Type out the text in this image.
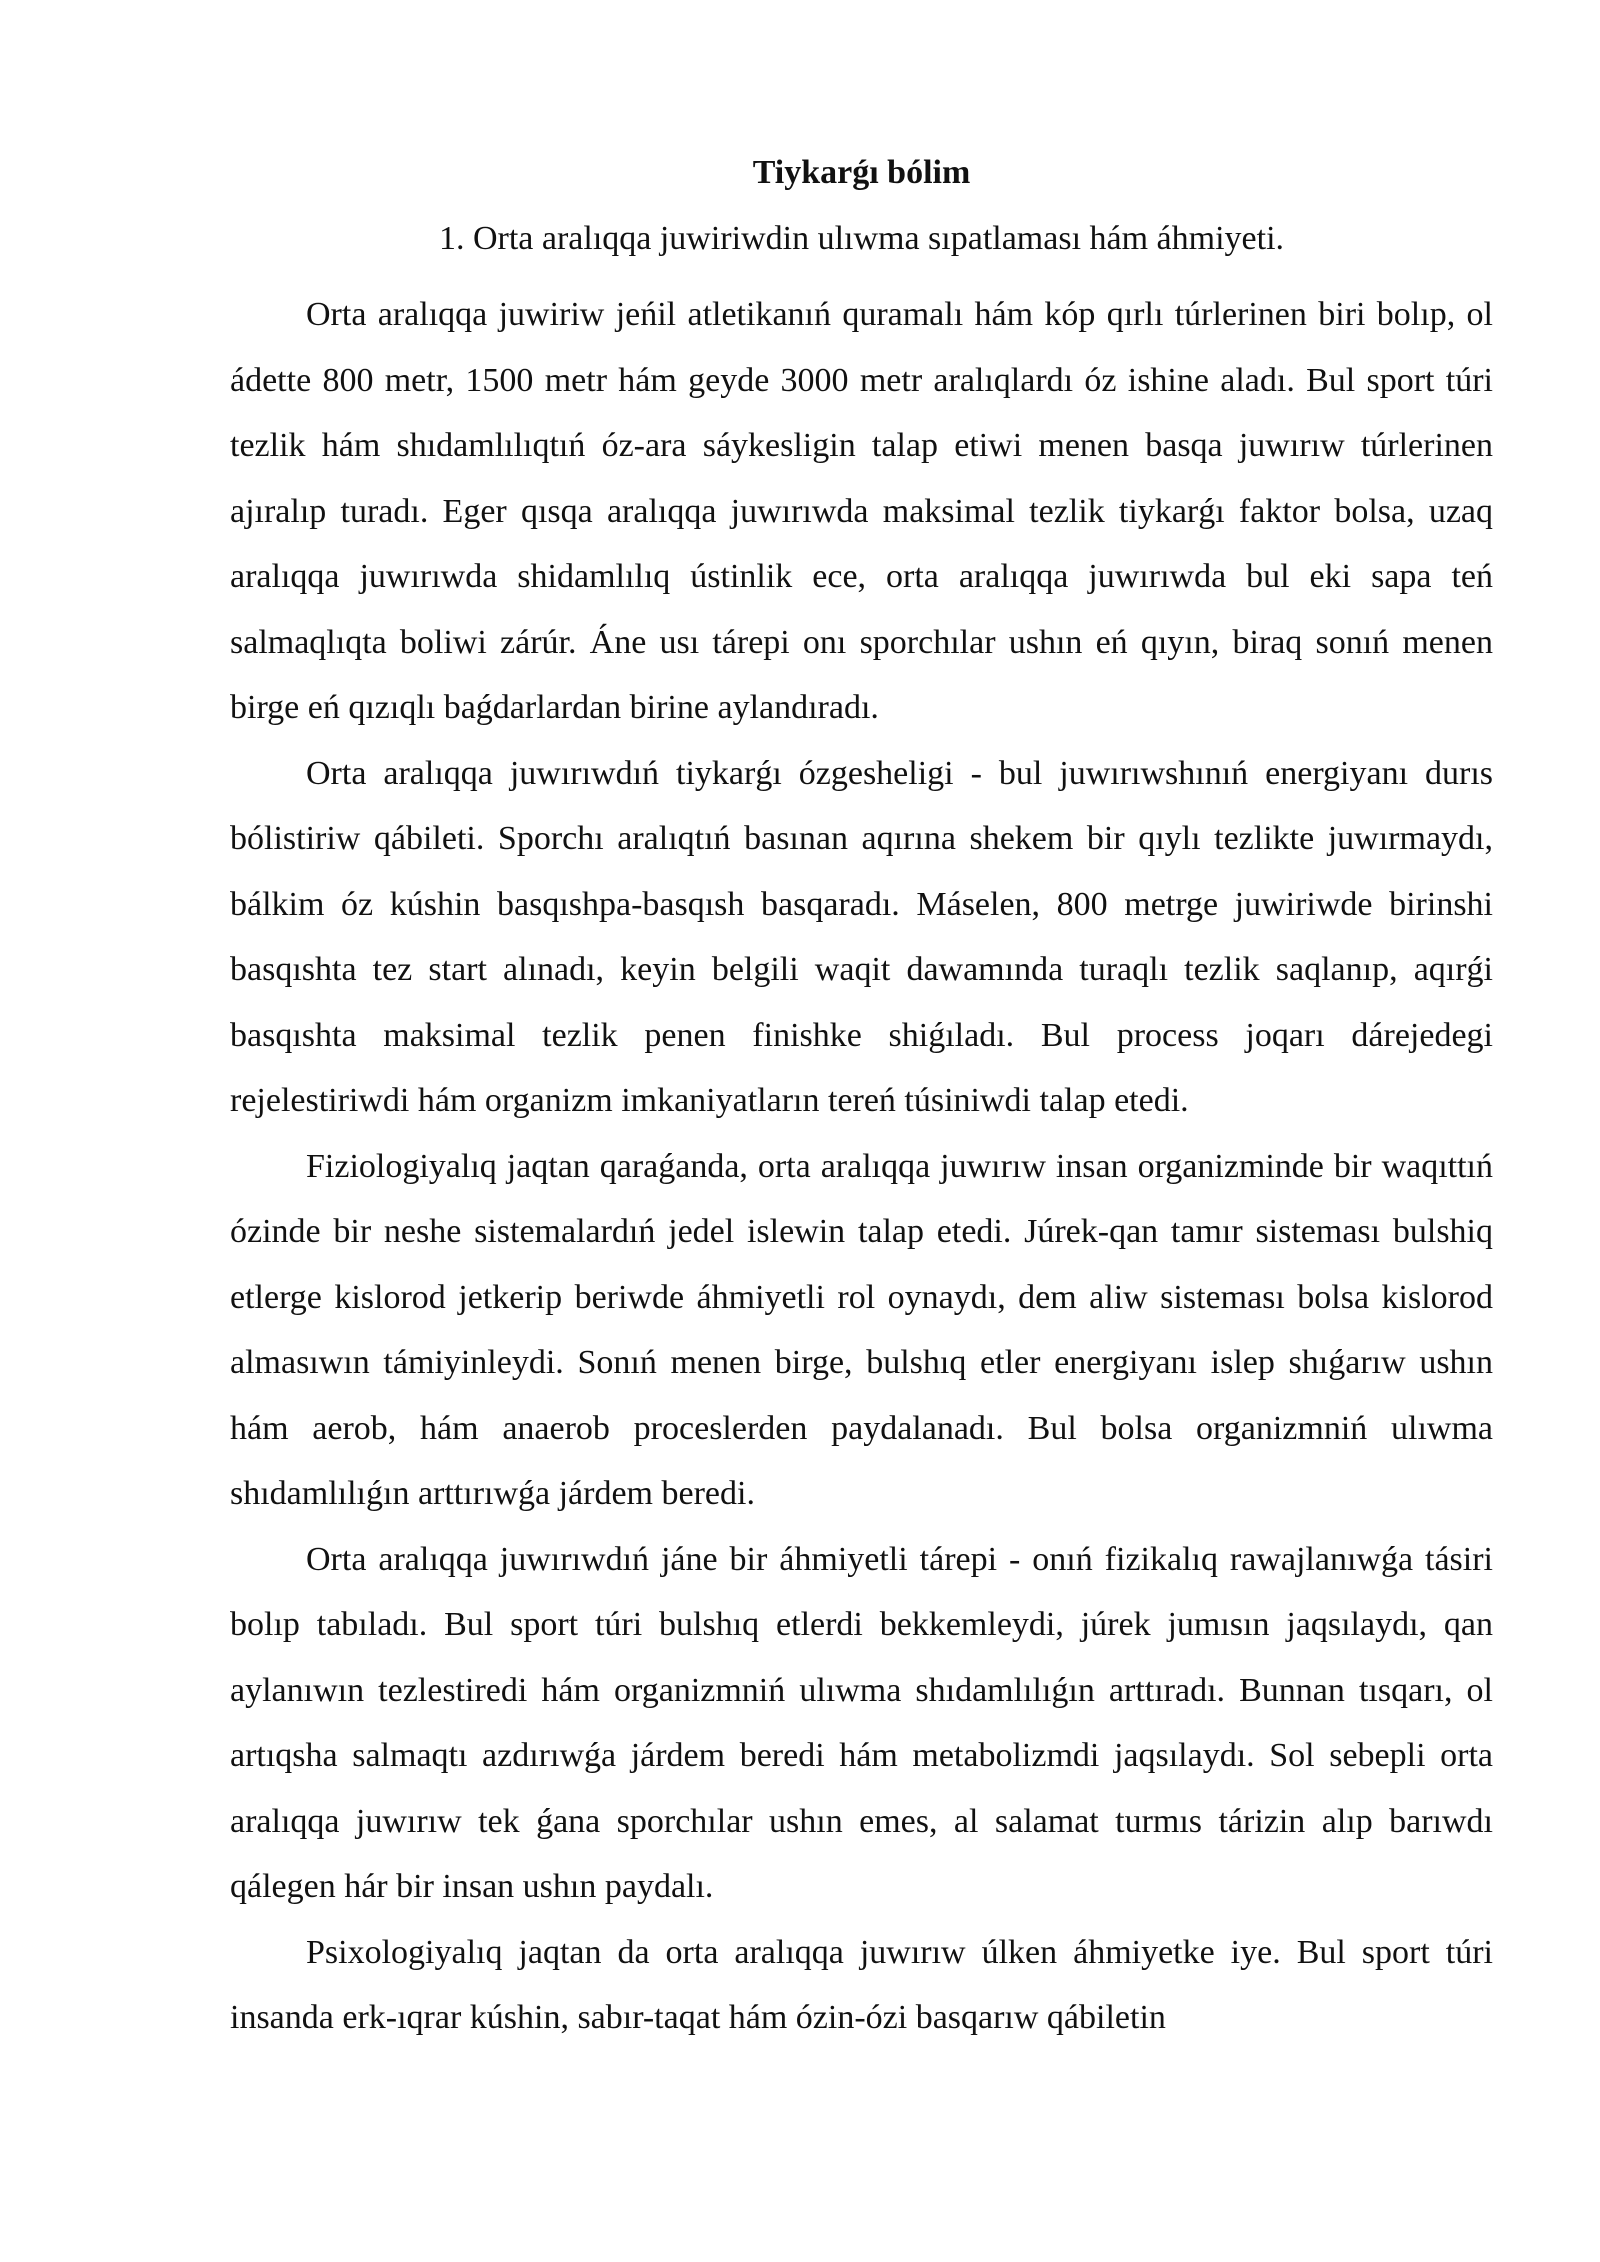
Tiykarǵı bólim
1. Orta aralıqqa juwiriwdin ulıwma sıpatlaması hám áhmiyeti.

Orta aralıqqa juwiriw jeńil atletikanıń quramalı hám kóp qırlı túrlerinen biri bolıp, ol ádette 800 metr, 1500 metr hám geyde 3000 metr aralıqlardı óz ishine aladı. Bul sport túri tezlik hám shıdamlılıqtıń óz-ara sáykesligin talap etiwi menen basqa juwırıw túrlerinen ajıralıp turadı. Eger qısqa aralıqqa juwırıwda maksimal tezlik tiykarǵı faktor bolsa, uzaq aralıqqa juwırıwda shidamlılıq ústinlik ece, orta aralıqqa juwırıwda bul eki sapa teń salmaqlıqta boliwi zárúr. Áne usı tárepi onı sporchılar ushın eń qıyın, biraq sonıń menen birge eń qızıqlı baǵdarlardan birine aylandıradı.

Orta aralıqqa juwırıwdıń tiykarǵı ózgesheligi - bul juwırıwshınıń energiyanı durıs bólistiriw qábileti. Sporchı aralıqtıń basınan aqırına shekem bir qıylı tezlikte juwırmaydı, bálkim óz kúshin basqıshpa-basqısh basqaradı. Máselen, 800 metrge juwiriwde birinshi basqıshta tez start alınadı, keyin belgili waqit dawamında turaqlı tezlik saqlanıp, aqırǵi basqıshta maksimal tezlik penen finishke shiǵıladı. Bul process joqarı dárejedegi rejelestiriwdi hám organizm imkaniyatların tereń túsiniwdi talap etedi.

Fiziologiyalıq jaqtan qaraǵanda, orta aralıqqa juwırıw insan organizminde bir waqıttıń ózinde bir neshe sistemalardıń jedel islewin talap etedi. Júrek-qan tamır sisteması bulshiq etlerge kislorod jetkerip beriwde áhmiyetli rol oynaydı, dem aliw sisteması bolsa kislorod almasıwın támiyinleydi. Sonıń menen birge, bulshıq etler energiyanı islep shıǵarıw ushın hám aerob, hám anaerob proceslerden paydalanadı. Bul bolsa organizmniń ulıwma shıdamlılıǵın arttırıwǵa járdem beredi.

Orta aralıqqa juwırıwdıń jáne bir áhmiyetli tárepi - onıń fizikalıq rawajlanıwǵa tásiri bolıp tabıladı. Bul sport túri bulshıq etlerdi bekkemleydi, júrek jumısın jaqsılaydı, qan aylanıwın tezlestiredi hám organizmniń ulıwma shıdamlılıǵın arttıradı. Bunnan tısqarı, ol artıqsha salmaqtı azdırıwǵa járdem beredi hám metabolizmdi jaqsılaydı. Sol sebepli orta aralıqqa juwırıw tek ǵana sporchılar ushın emes, al salamat turmıs tárizin alıp barıwdı qálegen hár bir insan ushın paydalı.

Psixologiyalıq jaqtan da orta aralıqqa juwırıw úlken áhmiyetke iye. Bul sport túri insanda erk-ıqrar kúshin, sabır-taqat hám ózin-ózi basqarıw qábiletin
